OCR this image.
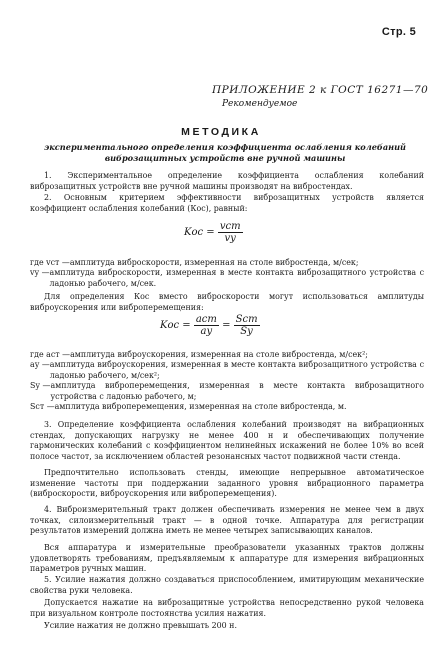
Стр. 5
ПРИЛОЖЕНИЕ 2 к ГОСТ 16271—70
Рекомендуемое
МЕТОДИКА
экспериментального определения коэффициента ослабления колебаний
виброзащитных устройств вне ручной машины
1. Экспериментальное определение коэффициента ослабления колебаний виброзащитных устройств вне ручной машины производят на вибростендах.
2. Основным критерием эффективности виброзащитных устройств является коэффициент ослабления колебаний (Кос), равный:
Kос = $\frac{\text{vст}}{vу}$
где vст — амплитуда виброскорости, измеренная на столе вибростенда, м/сек;
vу — амплитуда виброскорости, измеренная в месте контакта виброзащитного устройства с ладонью рабочего, м/сек.
Для определения Кос вместо виброскорости могут использоваться амплитуды виброускорения или виброперемещения:
Kос = $\frac{\text{aст}}{aу} = \frac{\text{Sст}}{Sу}$
где aст — амплитуда виброускорения, измеренная на столе вибростенда, м/сек²;
aу — амплитуда виброускорения, измеренная в месте контакта виброзащитного устройства с ладонью рабочего, м/сек²;
Sу — амплитуда виброперемещения, измеренная в месте контакта виброзащитного устройства с ладонью рабочего, м;
Sст — амплитуда виброперемещения, измеренная на столе вибростенда, м.
3. Определение коэффициента ослабления колебаний производят на вибрационных стендах, допускающих нагрузку не менее 400 н и обеспечивающих получение гармонических колебаний с коэффициентом нелинейных искажений не более 10% во всей полосе частот, за исключением областей резонансных частот подвижной части стенда.
Предпочтительно использовать стенды, имеющие непрерывное автоматическое изменение частоты при поддержании заданного уровня вибрационного параметра (виброскорости, виброускорения или виброперемещения).
4. Виброизмерительный тракт должен обеспечивать измерения не менее чем в двух точках, силоизмерительный тракт — в одной точке. Аппаратура для регистрации результатов измерений должна иметь не менее четырех записывающих каналов.
Вся аппаратура и измерительные преобразователи указанных трактов должны удовлетворять требованиям, предъявляемым к аппаратуре для измерения вибрационных параметров ручных машин.
5. Усилие нажатия должно создаваться приспособлением, имитирующим механические свойства руки человека.
Допускается нажатие на виброзащитные устройства непосредственно рукой человека при визуальном контроле постоянства усилия нажатия.
Усилие нажатия не должно превышать 200 н.
